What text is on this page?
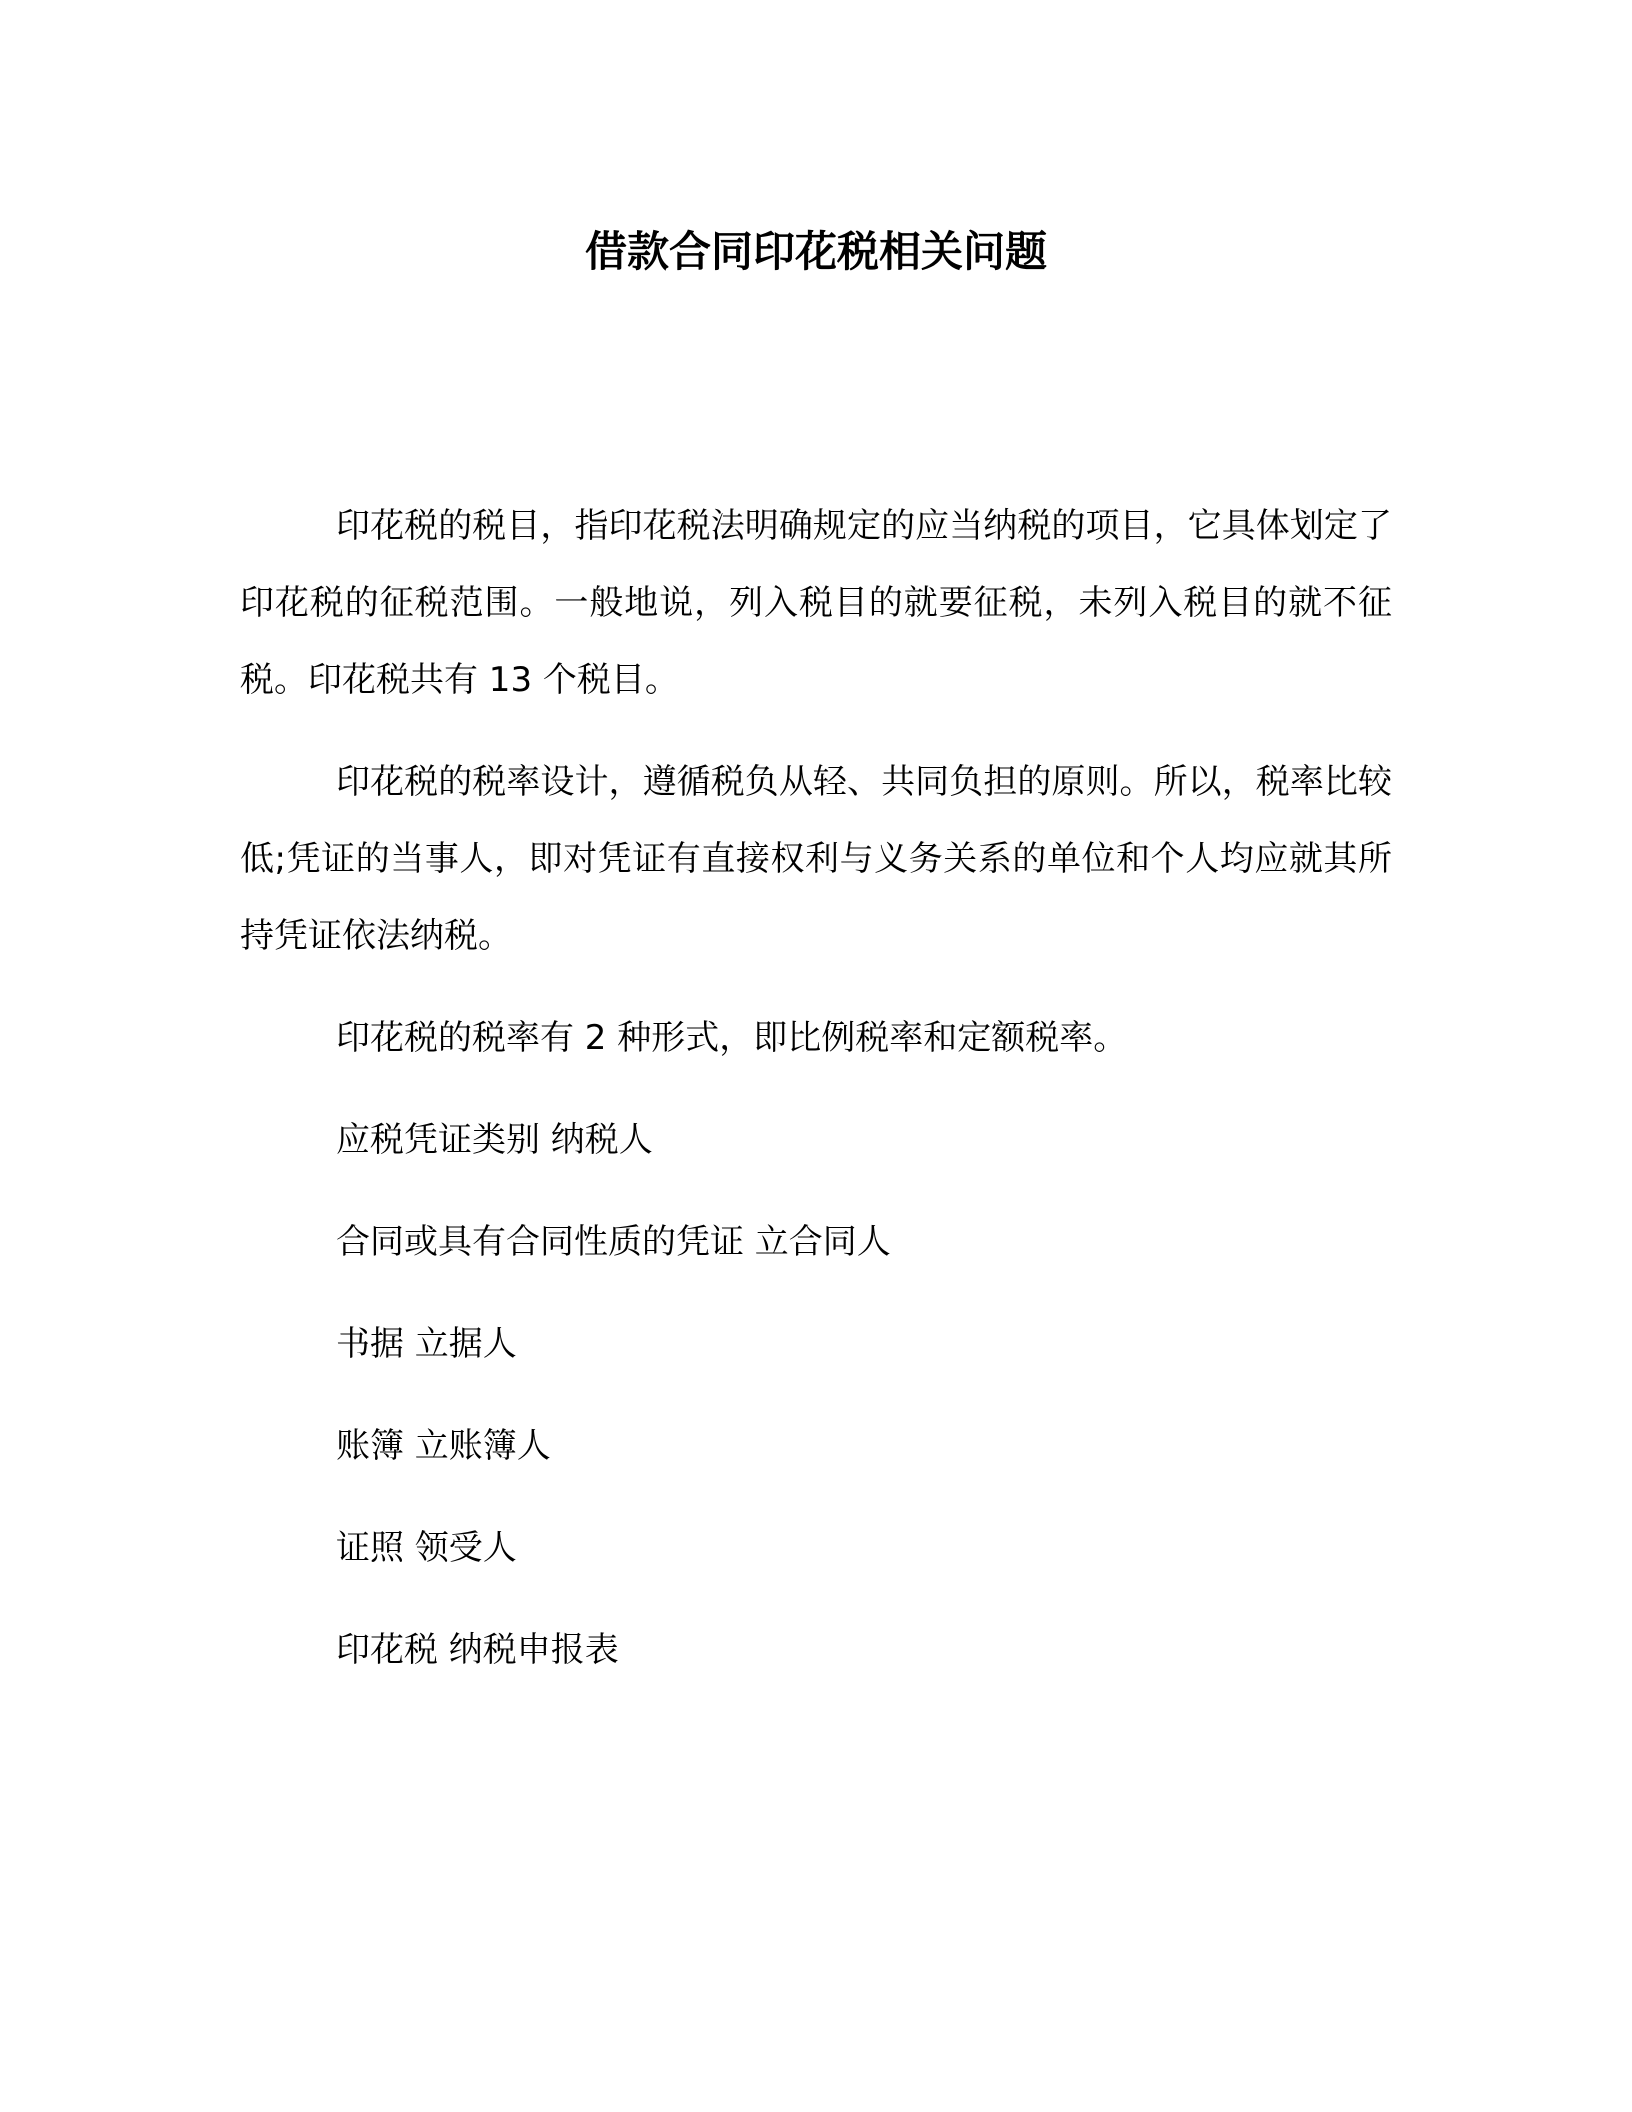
借款合同印花税相关问题

印花税的税目，指印花税法明确规定的应当纳税的项目，它具体划定了印花税的征税范围。一般地说，列入税目的就要征税，未列入税目的就不征税。印花税共有 13 个税目。

印花税的税率设计，遵循税负从轻、共同负担的原则。所以，税率比较低;凭证的当事人，即对凭证有直接权利与义务关系的单位和个人均应就其所持凭证依法纳税。

印花税的税率有 2 种形式，即比例税率和定额税率。

应税凭证类别 纳税人
合同或具有合同性质的凭证 立合同人
书据 立据人
账簿 立账簿人
证照 领受人
印花税 纳税申报表
